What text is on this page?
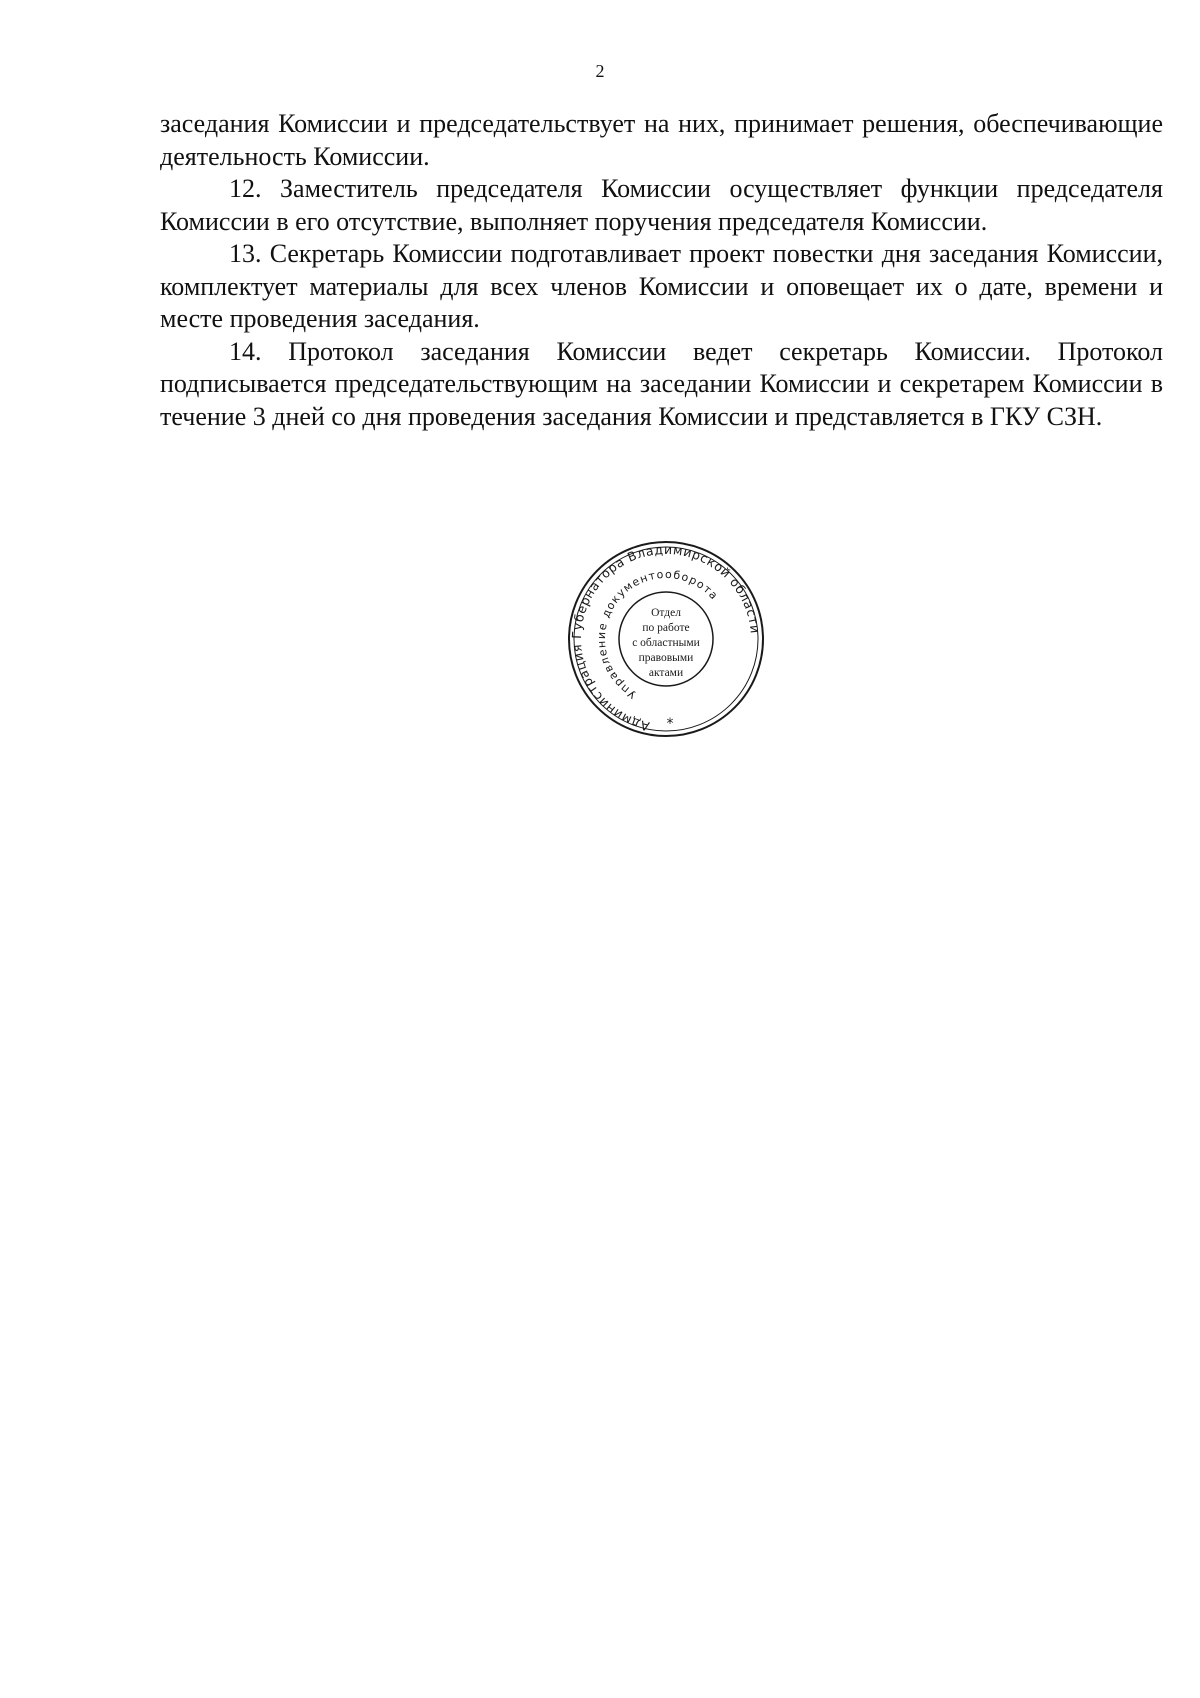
2

заседания Комиссии и председательствует на них, принимает решения, обеспечивающие деятельность Комиссии.

12. Заместитель председателя Комиссии осуществляет функции председателя Комиссии в его отсутствие, выполняет поручения председателя Комиссии.

13. Секретарь Комиссии подготавливает проект повестки дня заседания Комиссии, комплектует материалы для всех членов Комиссии и оповещает их о дате, времени и месте проведения заседания.

14. Протокол заседания Комиссии ведет секретарь Комиссии. Протокол подписывается председательствующим на заседании Комиссии и секретарем Комиссии в течение 3 дней со дня проведения заседания Комиссии и представляется в ГКУ СЗН.

Администрация Губернатора Владимирской области
Управление документооборота
Отдел
по работе
с областными
правовыми
актами
*
